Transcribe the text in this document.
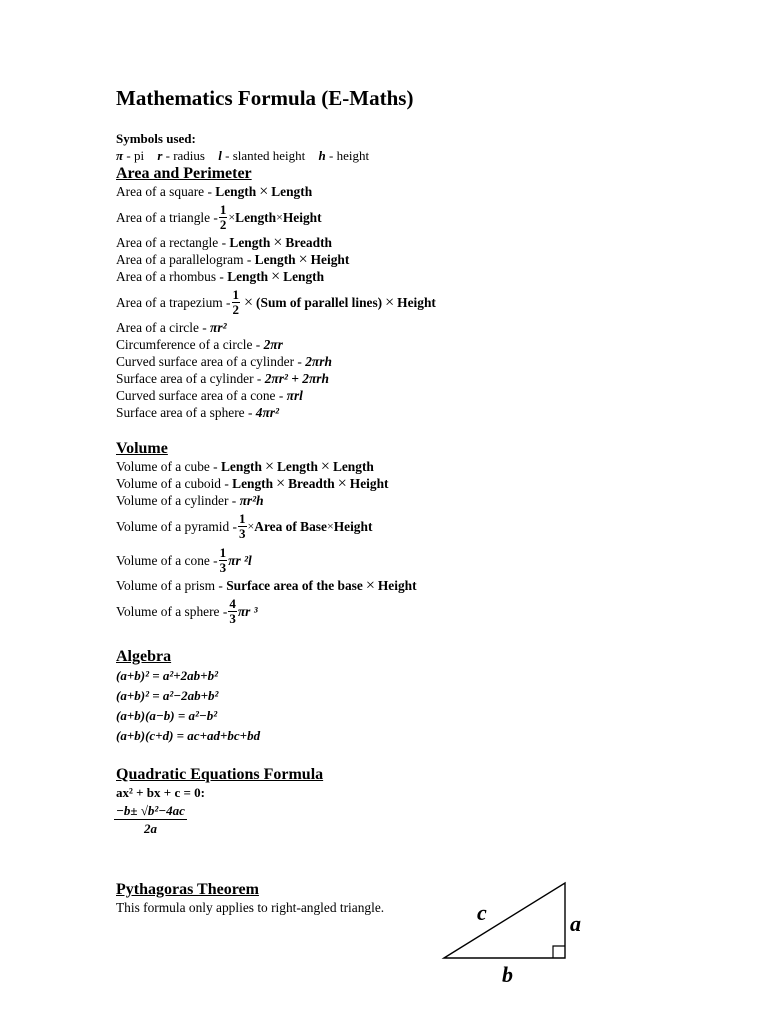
Mathematics Formula (E-Maths)
Symbols used:
π - pi r - radius l - slanted height h - height
Area and Perimeter
Area of a square - Length × Length
Area of a triangle - $\frac{1}{2}$ × Length × Height
Area of a rectangle - Length × Breadth
Area of a parallelogram - Length × Height
Area of a rhombus - Length × Length
Area of a trapezium - $\frac{1}{2} \times (Sum$ of parallel lines) × Height
Area of a circle - πr²
Circumference of a circle - 2πr
Curved surface area of a cylinder - 2πrh
Surface area of a cylinder - 2πr² + 2πrh
Curved surface area of a cone - πrl
Surface area of a sphere - 4πr²
Volume
Volume of a cube - Length × Length × Length
Volume of a cuboid - Length × Breadth × Height
Volume of a cylinder - πr²h
Volume of a pyramid - $\frac{1}{3}$ × Area of Base × Height
Volume of a cone - $\frac{1}{3}$ πr ²l
Volume of a prism - Surface area of the base × Height
Volume of a sphere - $\frac{4}{3}$ πr ³
Algebra
(a+b)² = a²+2ab+b²
(a+b)² = a²−2ab+b²
(a+b)(a−b) = a²−b²
(a+b)(c+d) = ac+ad+bc+bd
Quadratic Equations Formula
ax² + bx + c = 0:
$\frac{\text{−b± √b²−4ac}}{2a}$
Pythagoras Theorem
This formula only applies to right-angled triangle.	c	a
b
